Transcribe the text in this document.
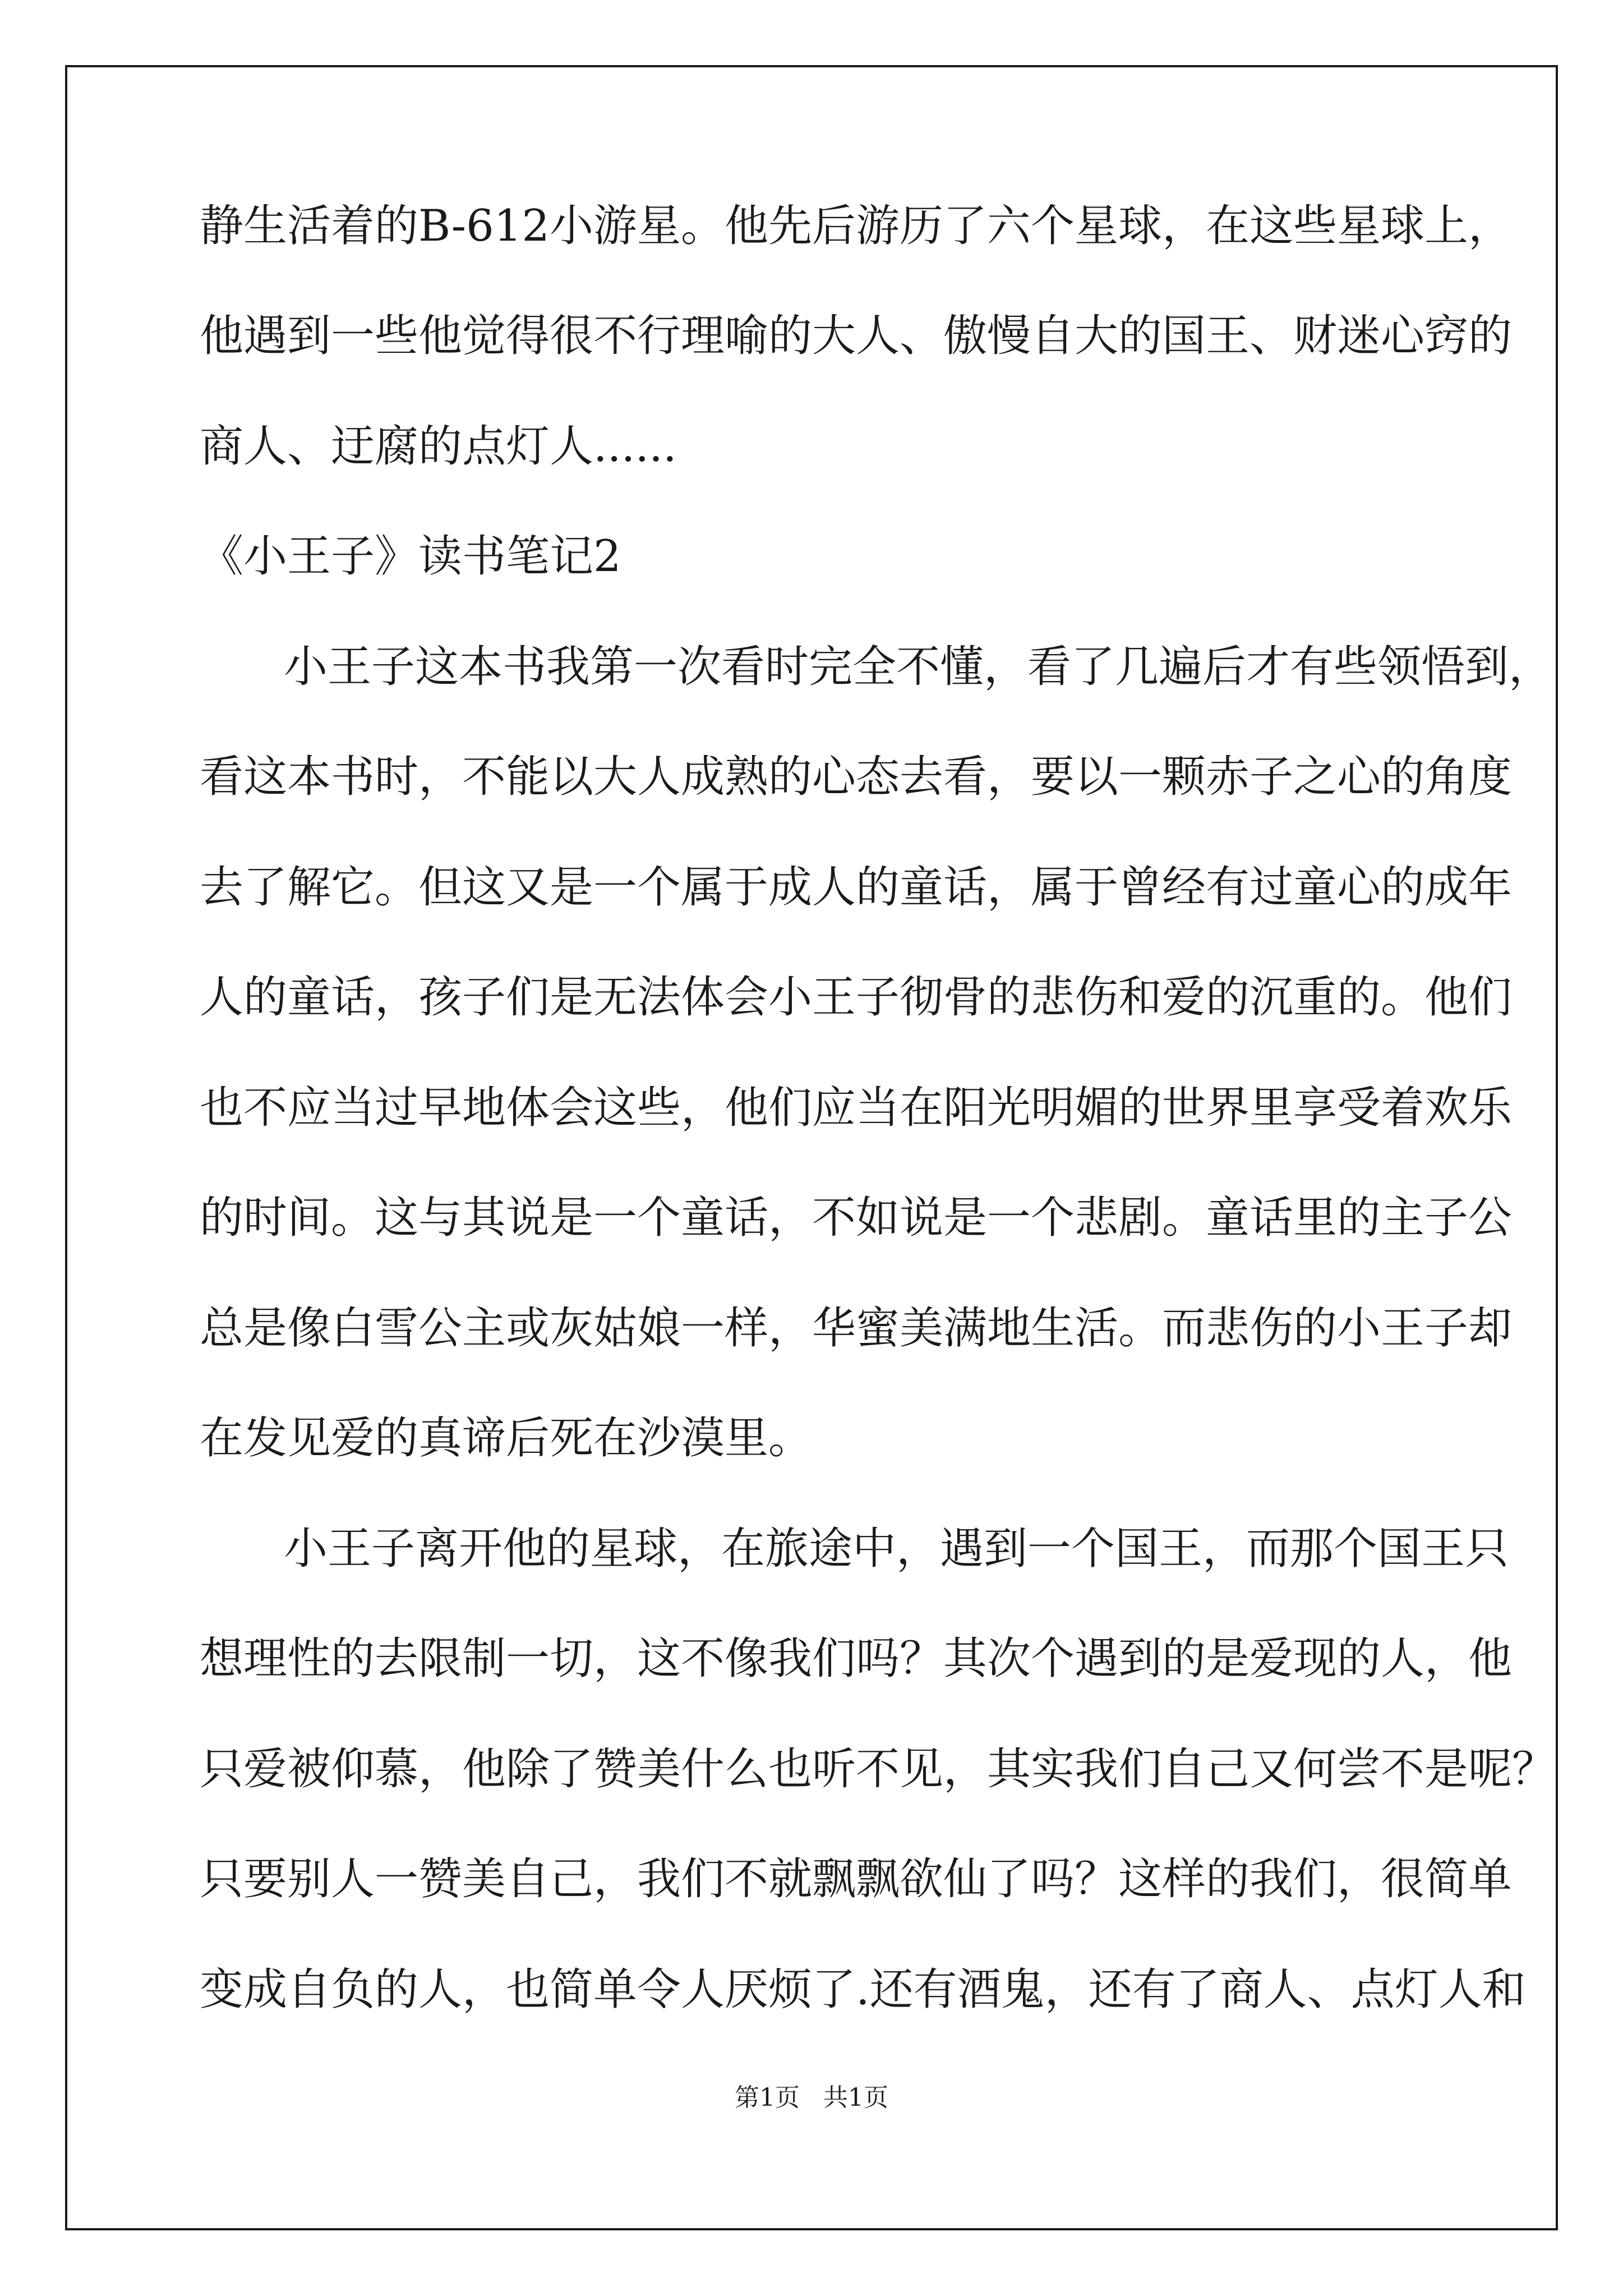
静生活着的B-612小游星。他先后游历了六个星球，在这些星球上，
他遇到一些他觉得很不行理喻的大人、傲慢自大的国王、财迷心窍的
商人、迂腐的点灯人......
《小王子》读书笔记2
小王子这本书我第一次看时完全不懂，看了几遍后才有些领悟到，
看这本书时，不能以大人成熟的心态去看，要以一颗赤子之心的角度
去了解它。但这又是一个属于成人的童话，属于曾经有过童心的成年
人的童话，孩子们是无法体会小王子彻骨的悲伤和爱的沉重的。他们
也不应当过早地体会这些，他们应当在阳光明媚的世界里享受着欢乐
的时间。这与其说是一个童话，不如说是一个悲剧。童话里的主子公
总是像白雪公主或灰姑娘一样，华蜜美满地生活。而悲伤的小王子却
在发见爱的真谛后死在沙漠里。
小王子离开他的星球，在旅途中，遇到一个国王，而那个国王只
想理性的去限制一切，这不像我们吗？其次个遇到的是爱现的人，他
只爱被仰慕，他除了赞美什么也听不见，其实我们自己又何尝不是呢？
只要别人一赞美自己，我们不就飘飘欲仙了吗？这样的我们，很简单
变成自负的人，也简单令人厌烦了.还有酒鬼，还有了商人、点灯人和
第1页   共1页
